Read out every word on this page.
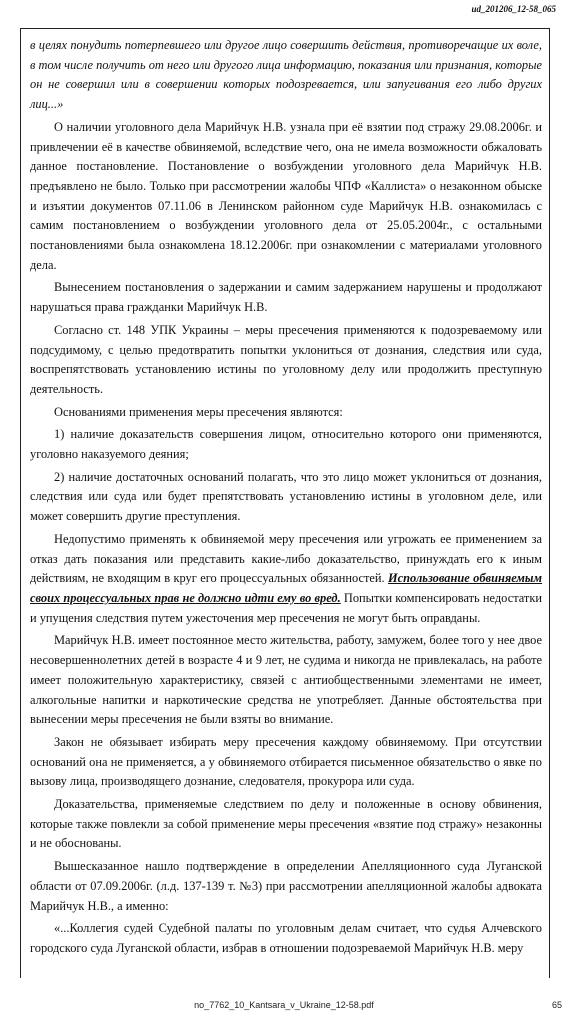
ud_201206_12-58_065

в целях понудить потерпевшего или другое лицо совершить действия, противоречащие их воле, в том числе получить от него или другого лица информацию, показания или признания, которые он не совершил или в совершении которых подозревается, или запугивания его либо других лиц...»

О наличии уголовного дела Марийчук Н.В. узнала при её взятии под стражу 29.08.2006г. и привлечении её в качестве обвиняемой, вследствие чего, она не имела возможности обжаловать данное постановление. Постановление о возбуждении уголовного дела Марийчук Н.В. предъявлено не было. Только при рассмотрении жалобы ЧПФ «Каллиста» о незаконном обыске и изъятии документов 07.11.06 в Ленинском районном суде Марийчук Н.В. ознакомилась с самим постановлением о возбуждении уголовного дела от 25.05.2004г., с остальными постановлениями была ознакомлена 18.12.2006г. при ознакомлении с материалами уголовного дела.

Вынесением постановления о задержании и самим задержанием нарушены и продолжают нарушаться права гражданки Марийчук Н.В.

Согласно ст. 148 УПК Украины – меры пресечения применяются к подозреваемому или подсудимому, с целью предотвратить попытки уклониться от дознания, следствия или суда, воспрепятствовать установлению истины по уголовному делу или продолжить преступную деятельность.

Основаниями применения меры пресечения являются:

1) наличие доказательств совершения лицом, относительно которого они применяются, уголовно наказуемого деяния;

2) наличие достаточных оснований полагать, что это лицо может уклониться от дознания, следствия или суда или будет препятствовать установлению истины в уголовном деле, или может совершить другие преступления.

Недопустимо применять к обвиняемой меру пресечения или угрожать ее применением за отказ дать показания или представить какие-либо доказательство, принуждать его к иным действиям, не входящим в круг его процессуальных обязанностей. Использование обвиняемым своих процессуальных прав не должно идти ему во вред. Попытки компенсировать недостатки и упущения следствия путем ужесточения мер пресечения не могут быть оправданы.

Марийчук Н.В. имеет постоянное место жительства, работу, замужем, более того у нее двое несовершеннолетних детей в возрасте 4 и 9 лет, не судима и никогда не привлекалась, на работе имеет положительную характеристику, связей с антиобщественными элементами не имеет, алкогольные напитки и наркотические средства не употребляет. Данные обстоятельства при вынесении меры пресечения не были взяты во внимание.

Закон не обязывает избирать меру пресечения каждому обвиняемому. При отсутствии оснований она не применяется, а у обвиняемого отбирается письменное обязательство о явке по вызову лица, производящего дознание, следователя, прокурора или суда.

Доказательства, применяемые следствием по делу и положенные в основу обвинения, которые также повлекли за собой применение меры пресечения «взятие под стражу» незаконны и не обоснованы.

Вышесказанное нашло подтверждение в определении Апелляционного суда Луганской области от 07.09.2006г. (л.д. 137-139 т. №3) при рассмотрении апелляционной жалобы адвоката Марийчук Н.В., а именно:

«...Коллегия судей Судебной палаты по уголовным делам считает, что судья Алчевского городского суда Луганской области, избрав в отношении подозреваемой Марийчук Н.В. меру

no_7762_10_Kantsara_v_Ukraine_12-58.pdf	65
